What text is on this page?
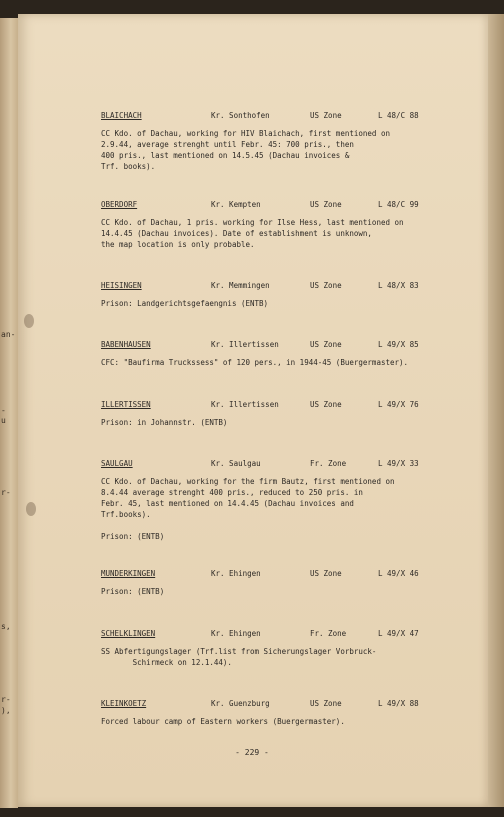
an-
-
u
r-
s,
r-
),
BLAICHACH	Kr. Sonthofen	US Zone	L 48/C 88
CC Kdo. of Dachau, working for HIV Blaichach, first mentioned on
2.9.44, average strenght until Febr. 45: 700 pris., then
400 pris., last mentioned on 14.5.45 (Dachau invoices &
Trf. books).
OBERDORF	Kr. Kempten	US Zone	L 48/C 99
CC Kdo. of Dachau, 1 pris. working for Ilse Hess, last mentioned on
14.4.45 (Dachau invoices). Date of establishment is unknown,
the map location is only probable.
HEISINGEN	Kr. Memmingen	US Zone	L 48/X 83
Prison: Landgerichtsgefaengnis (ENTB)
BABENHAUSEN	Kr. Illertissen	US Zone	L 49/X 85
CFC: "Baufirma Truckssess" of 120 pers., in 1944-45 (Buergermaster).
ILLERTISSEN	Kr. Illertissen	US Zone	L 49/X 76
Prison: in Johannstr. (ENTB)
SAULGAU	Kr. Saulgau	Fr. Zone	L 49/X 33
CC Kdo. of Dachau, working for the firm Bautz, first mentioned on
8.4.44 average strenght 400 pris., reduced to 250 pris. in
Febr. 45, last mentioned on 14.4.45 (Dachau invoices and
Trf.books).

Prison: (ENTB)
MUNDERKINGEN	Kr. Ehingen	US Zone	L 49/X 46
Prison: (ENTB)
SCHELKLINGEN	Kr. Ehingen	Fr. Zone	L 49/X 47
SS Abfertigungslager (Trf.list from Sicherungslager Vorbruck-
Schirmeck on 12.1.44).
KLEINKOETZ	Kr. Guenzburg	US Zone	L 49/X 88
Forced labour camp of Eastern workers (Buergermaster).
- 229 -
